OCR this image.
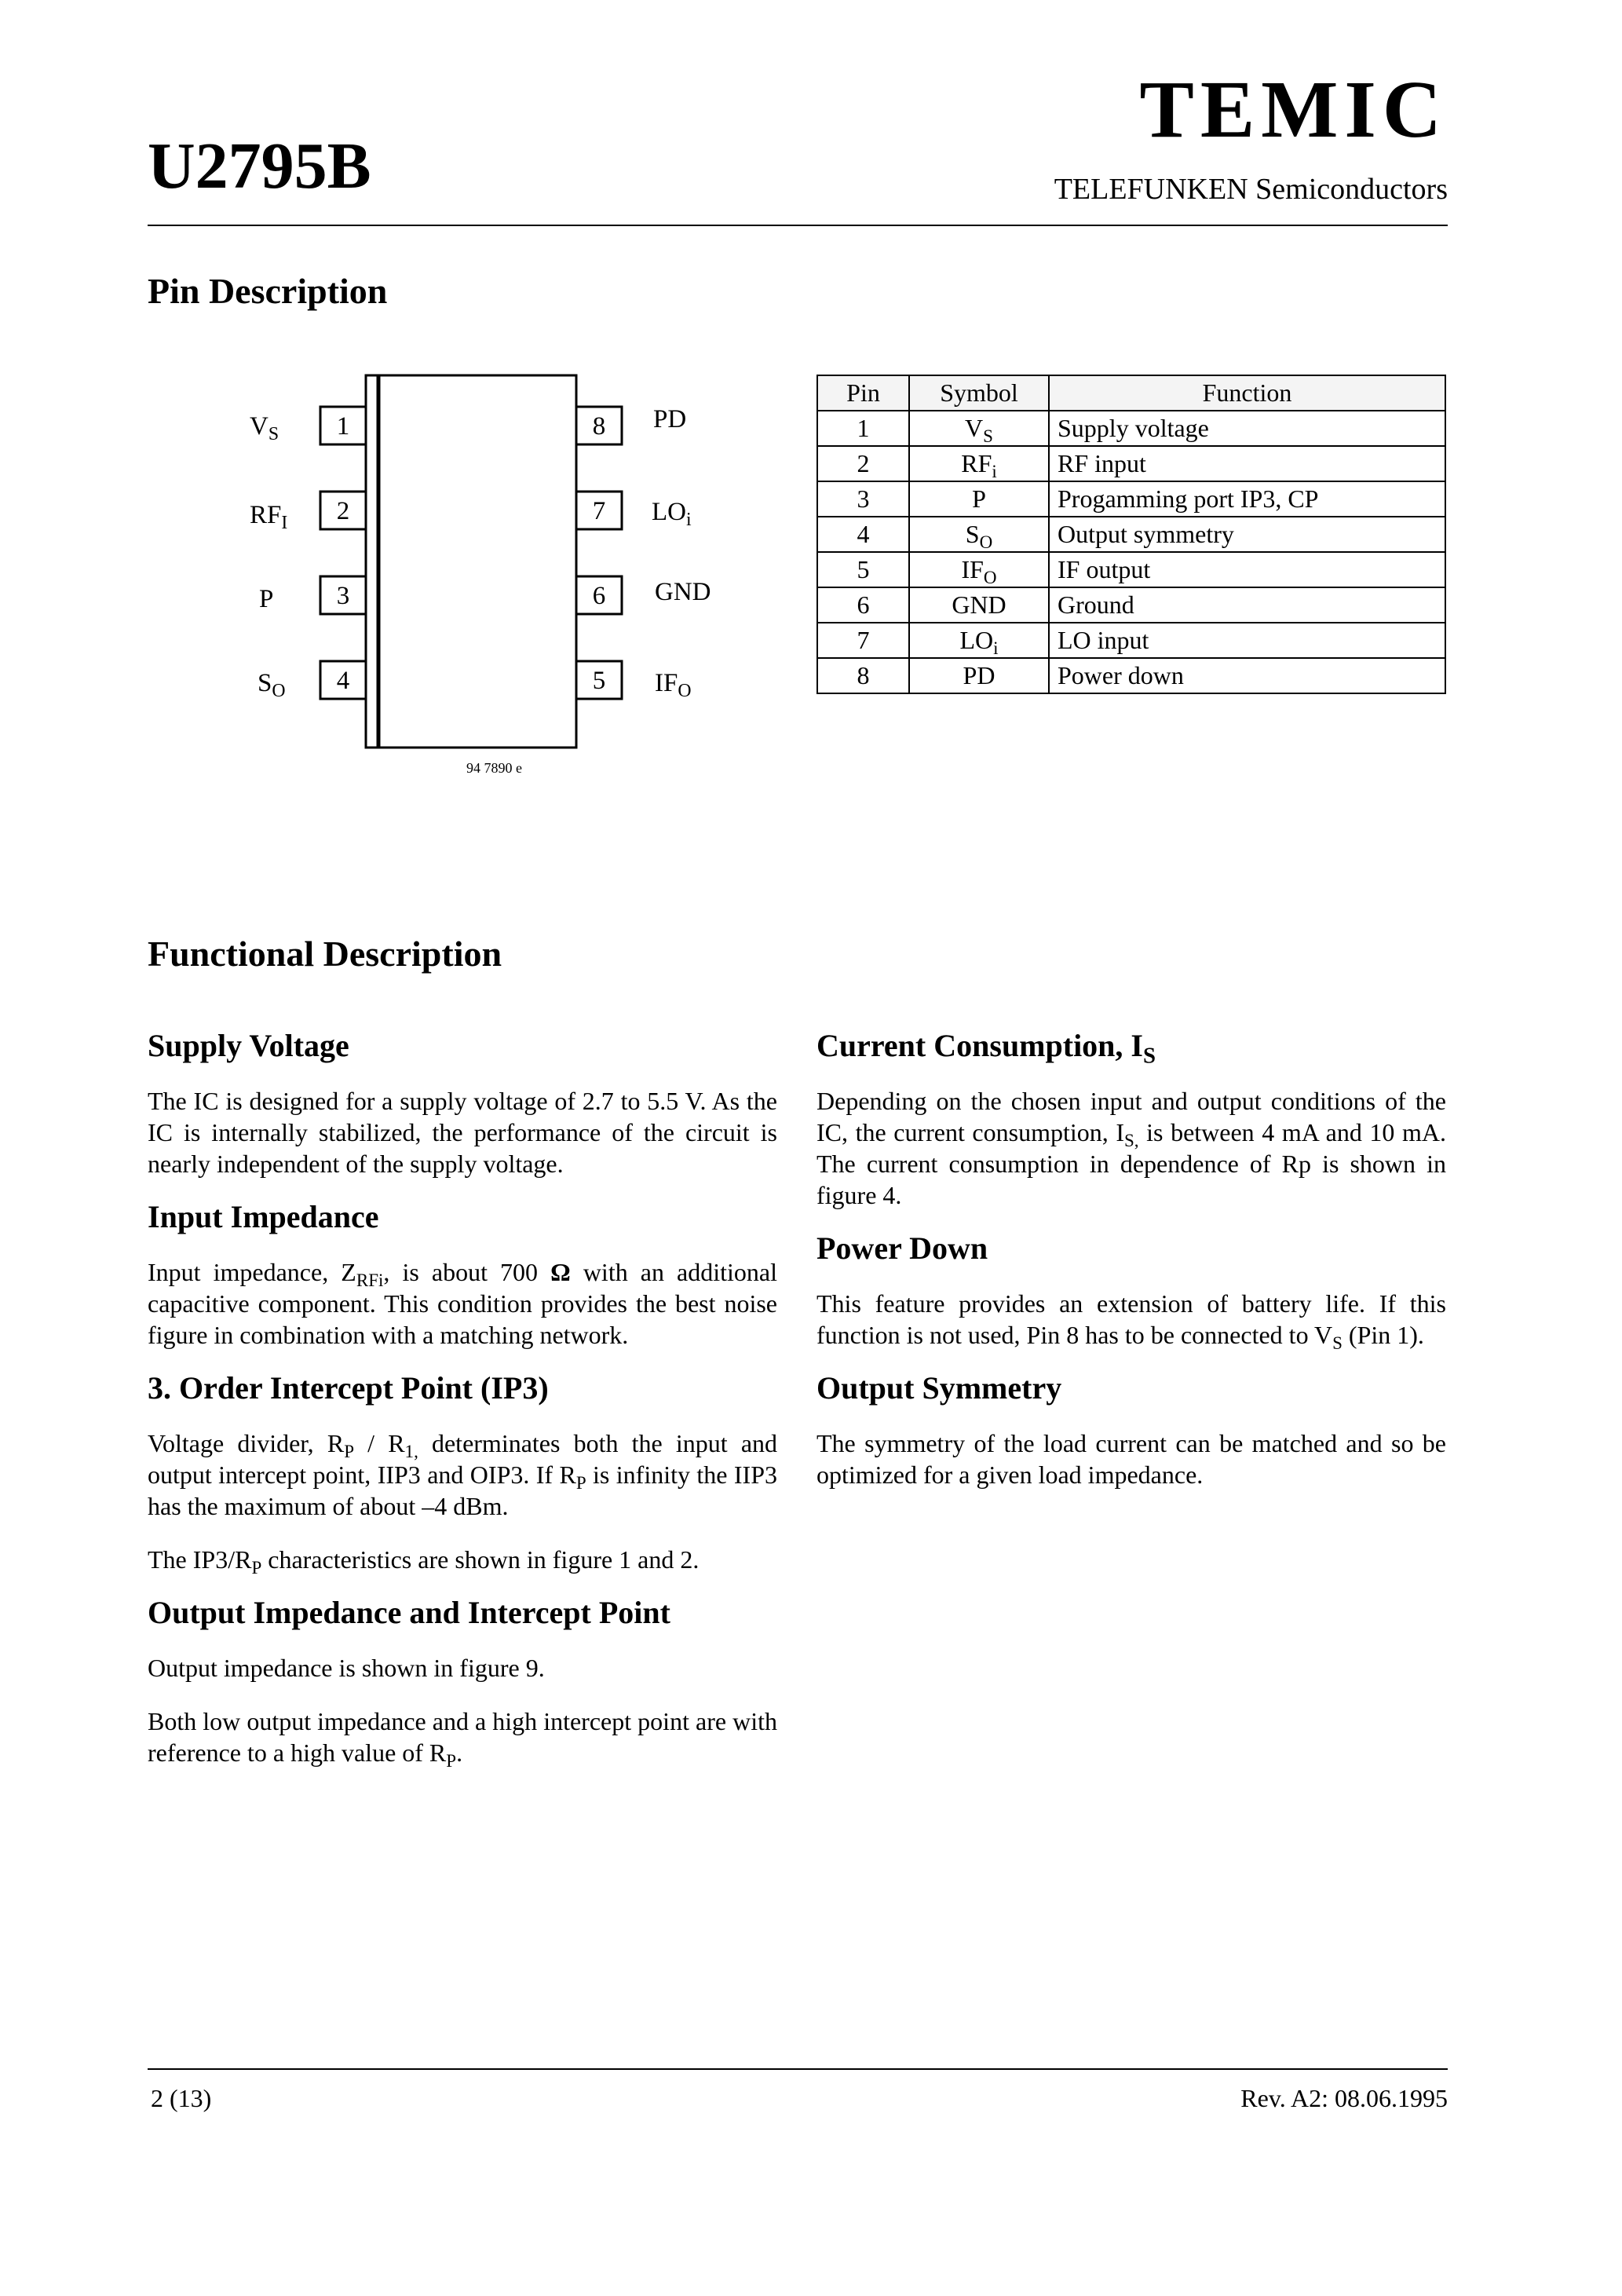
U2795B
TEMIC
TELEFUNKEN Semiconductors
Pin Description
1
2
3
4
8
7
6
5
$V_S$
$RF_I$
P
$S_O$
PD
$LO_i$
GND
$IF_O$
94 7890 e
Pin	Symbol	Function
1	$V_S$	Supply voltage
2	$RF_i$	RF input
3	P	Progamming port IP3, CP
4	$S_O$	Output symmetry
5	$IF_O$	IF output
6	GND	Ground
7	$LO_i$	LO input
8	PD	Power down
Functional Description
Supply Voltage

The IC is designed for a supply voltage of 2.7 to 5.5 V. As the IC is internally stabilized, the performance of the circuit is nearly independent of the supply voltage.

Input Impedance

Input impedance, $Z_{RFi}$, is about 700 Ω with an additional capacitive component. This condition provides the best noise figure in combination with a matching network.

3. Order Intercept Point (IP3)

Voltage divider, $R_P / R_{1,}$ determinates both the input and output intercept point, IIP3 and OIP3. If $R_P$ is infinity the IIP3 has the maximum of about –4 dBm.

The $IP3/R_P$ characteristics are shown in figure 1 and 2.

Output Impedance and Intercept Point

Output impedance is shown in figure 9.

Both low output impedance and a high intercept point are with reference to a high value of $R_P$.

Current Consumption, $I_S$

Depending on the chosen input and output conditions of the IC, the current consumption, $I_{S,}$ is between 4 mA and 10 mA. The current consumption in dependence of Rp is shown in figure 4.

Power Down

This feature provides an extension of battery life. If this function is not used, Pin 8 has to be connected to $V_S$ (Pin 1).

Output Symmetry

The symmetry of the load current can be matched and so be optimized for a given load impedance.

2 (13)	Rev. A2: 08.06.1995
